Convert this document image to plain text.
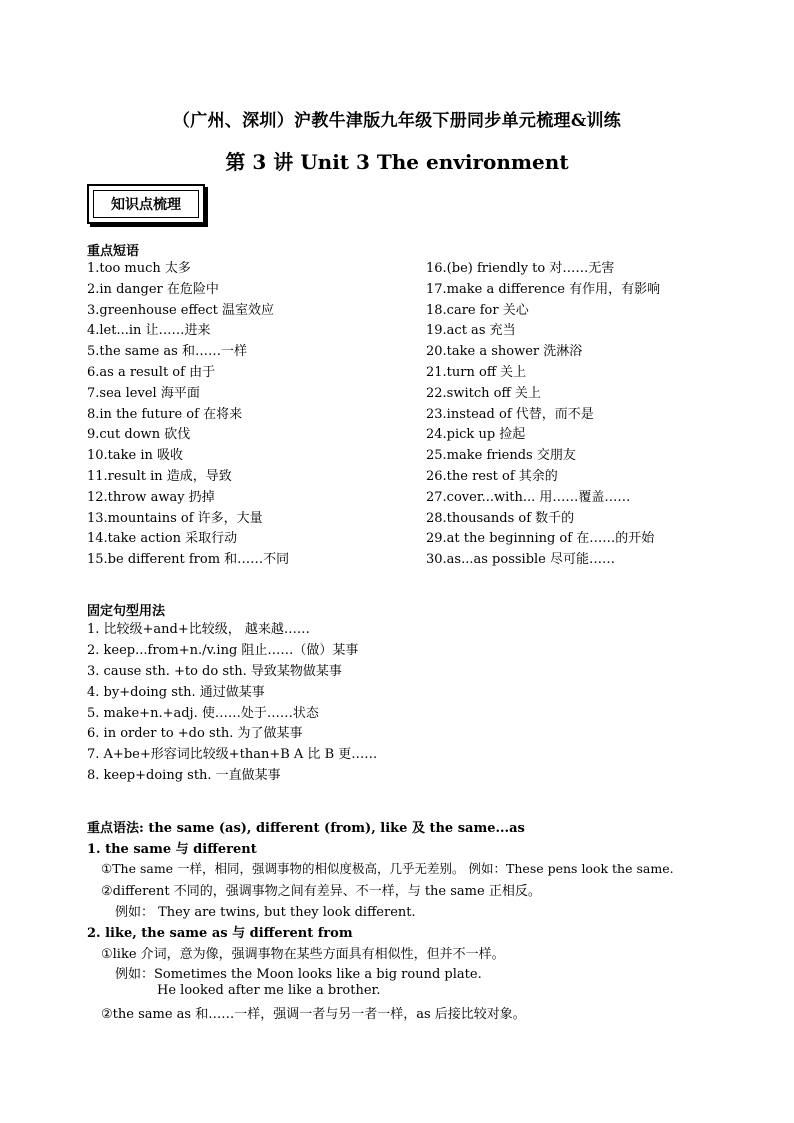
（广州、深圳）沪教牛津版九年级下册同步单元梳理&训练
第 3 讲 Unit 3 The environment
知识点梳理
重点短语
1.too much 太多
2.in danger 在危险中
3.greenhouse effect 温室效应
4.let...in 让……进来
5.the same as 和……一样
6.as a result of 由于
7.sea level 海平面
8.in the future of 在将来
9.cut down 砍伐
10.take in 吸收
11.result in 造成，导致
12.throw away 扔掉
13.mountains of 许多，大量
14.take action 采取行动
15.be different from 和……不同
16.(be) friendly to 对……无害
17.make a difference 有作用，有影响
18.care for 关心
19.act as 充当
20.take a shower 洗淋浴
21.turn off 关上
22.switch off 关上
23.instead of 代替，而不是
24.pick up 捡起
25.make friends 交朋友
26.the rest of 其余的
27.cover...with... 用……覆盖……
28.thousands of 数千的
29.at the beginning of 在……的开始
30.as...as possible 尽可能……
固定句型用法
1. 比较级+and+比较级， 越来越……
2. keep...from+n./v.ing 阻止……（做）某事
3. cause sth. +to do sth. 导致某物做某事
4. by+doing sth. 通过做某事
5. make+n.+adj. 使……处于……状态
6. in order to +do sth. 为了做某事
7. A+be+形容词比较级+than+B A 比 B 更……
8. keep+doing sth. 一直做某事
重点语法: the same (as), different (from), like 及 the same...as
1. the same 与 different
①The same 一样，相同，强调事物的相似度极高，几乎无差别。 例如：These pens look the same.
②different 不同的，强调事物之间有差异、不一样，与 the same 正相反。
例如： They are twins, but they look different.
2. like, the same as 与 different from
①like 介词，意为像，强调事物在某些方面具有相似性，但并不一样。
例如：Sometimes the Moon looks like a big round plate.
He looked after me like a brother.
②the same as 和……一样，强调一者与另一者一样，as 后接比较对象。
